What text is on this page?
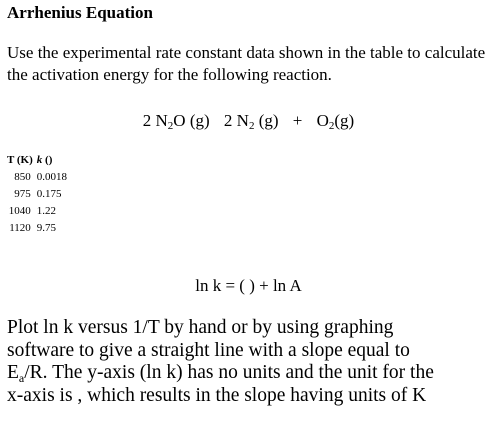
Arrhenius Equation
Use the experimental rate constant data shown in the table to calculate the activation energy for the following reaction.
2 $N_2O$ (g) 2 $N_2$ $(g) + O_2(g)$
T (K)	k ()
850	0.0018
975	0.175
1040	1.22
1120	9.75
ln k = ( ) + ln A
Plot ln k versus 1/T by hand or by using graphing
software to give a straight line with a slope equal to
$E_a/R$. The y-axis (ln k) has no units and the unit for the
x-axis is , which results in the slope having units of K
